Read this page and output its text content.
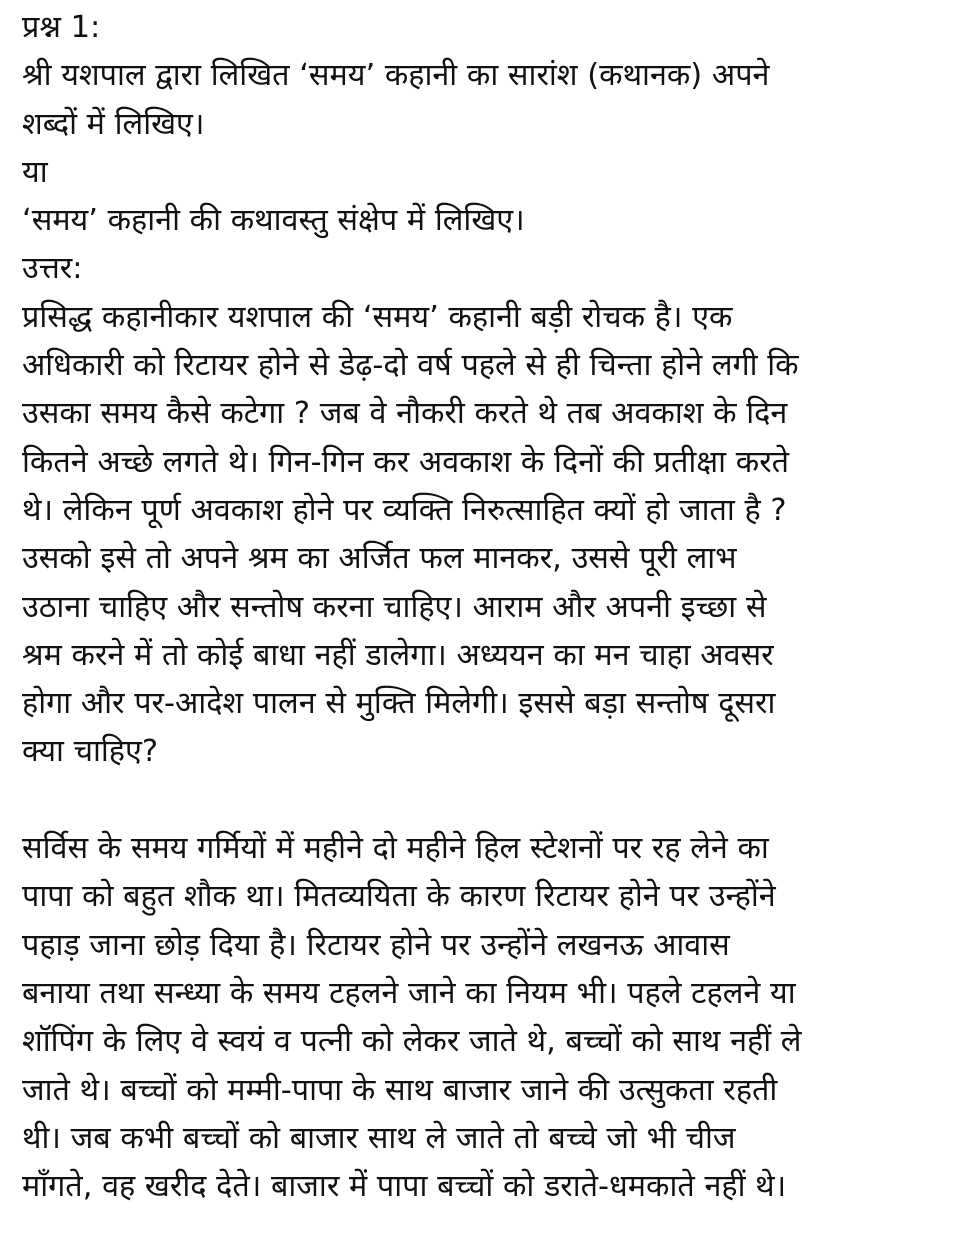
प्रश्न 1:
श्री यशपाल द्वारा लिखित ‘समय’ कहानी का सारांश (कथानक) अपने
शब्दों में लिखिए।
या
‘समय’ कहानी की कथावस्तु संक्षेप में लिखिए।
उत्तर:
प्रसिद्ध कहानीकार यशपाल की ‘समय’ कहानी बड़ी रोचक है। एक
अधिकारी को रिटायर होने से डेढ़-दो वर्ष पहले से ही चिन्ता होने लगी कि
उसका समय कैसे कटेगा ? जब वे नौकरी करते थे तब अवकाश के दिन
कितने अच्छे लगते थे। गिन-गिन कर अवकाश के दिनों की प्रतीक्षा करते
थे। लेकिन पूर्ण अवकाश होने पर व्यक्ति निरुत्साहित क्यों हो जाता है ?
उसको इसे तो अपने श्रम का अर्जित फल मानकर, उससे पूरी लाभ
उठाना चाहिए और सन्तोष करना चाहिए। आराम और अपनी इच्छा से
श्रम करने में तो कोई बाधा नहीं डालेगा। अध्ययन का मन चाहा अवसर
होगा और पर-आदेश पालन से मुक्ति मिलेगी। इससे बड़ा सन्तोष दूसरा
क्या चाहिए?
सर्विस के समय गर्मियों में महीने दो महीने हिल स्टेशनों पर रह लेने का
पापा को बहुत शौक था। मितव्ययिता के कारण रिटायर होने पर उन्होंने
पहाड़ जाना छोड़ दिया है। रिटायर होने पर उन्होंने लखनऊ आवास
बनाया तथा सन्ध्या के समय टहलने जाने का नियम भी। पहले टहलने या
शॉपिंग के लिए वे स्वयं व पत्नी को लेकर जाते थे, बच्चों को साथ नहीं ले
जाते थे। बच्चों को मम्मी-पापा के साथ बाजार जाने की उत्सुकता रहती
थी। जब कभी बच्चों को बाजार साथ ले जाते तो बच्चे जो भी चीज
माँगते, वह खरीद देते। बाजार में पापा बच्चों को डराते-धमकाते नहीं थे।
